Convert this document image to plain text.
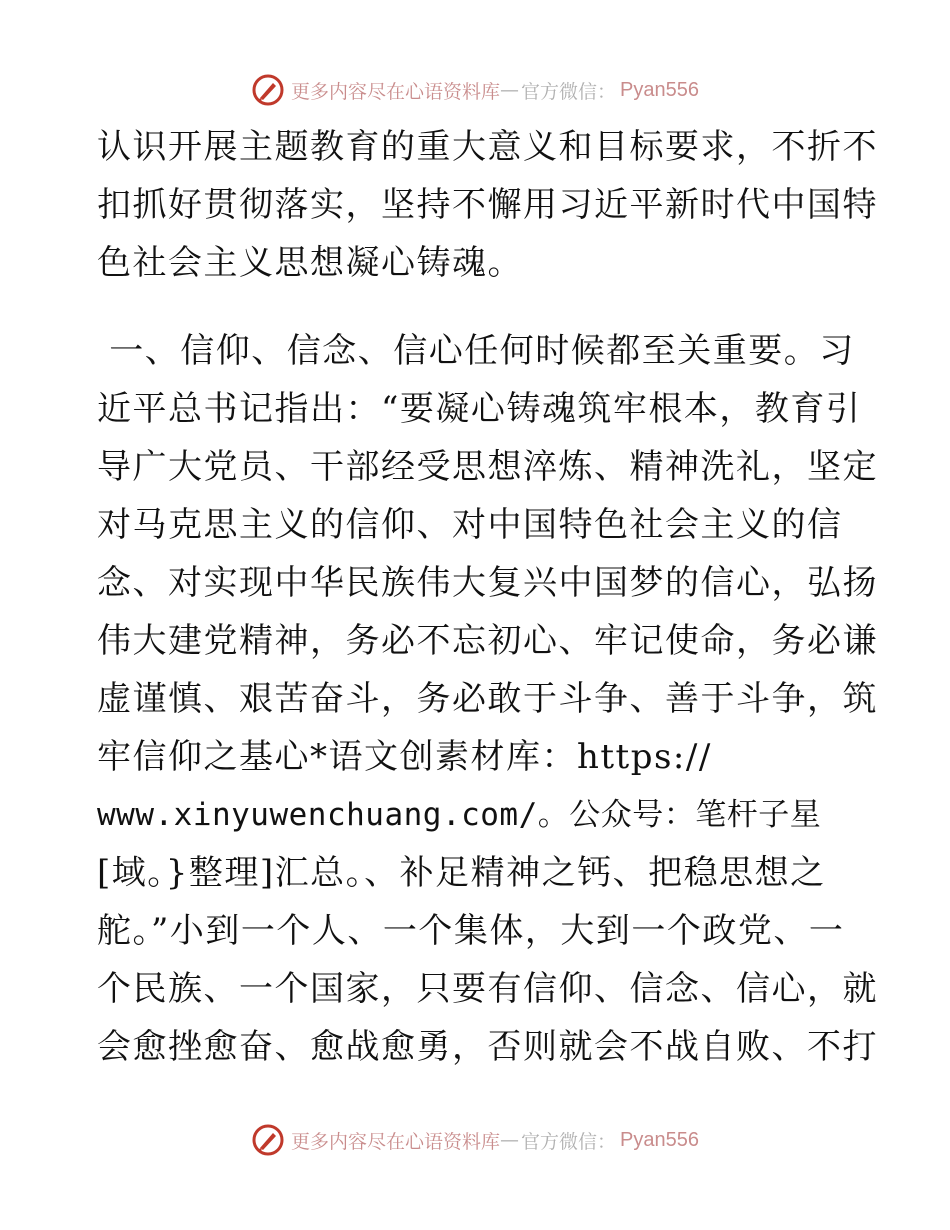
更多内容尽在心语资料库 — 官方微信： Pyan556
认识开展主题教育的重大意义和目标要求，不折不
扣抓好贯彻落实，坚持不懈用习近平新时代中国特
色社会主义思想凝心铸魂。
一、信仰、信念、信心任何时候都至关重要。习
近平总书记指出：“要凝心铸魂筑牢根本，教育引
导广大党员、干部经受思想淬炼、精神洗礼，坚定
对马克思主义的信仰、对中国特色社会主义的信
念、对实现中华民族伟大复兴中国梦的信心，弘扬
伟大建党精神，务必不忘初心、牢记使命，务必谦
虚谨慎、艰苦奋斗，务必敢于斗争、善于斗争，筑
牢信仰之基心*语文创素材库：https://
www.xinyuwenchuang.com/。公众号：笔杆子星
[域。}整理]汇总。、补足精神之钙、把稳思想之
舵。”小到一个人、一个集体，大到一个政党、一
个民族、一个国家，只要有信仰、信念、信心，就
会愈挫愈奋、愈战愈勇，否则就会不战自败、不打
更多内容尽在心语资料库 — 官方微信： Pyan556
